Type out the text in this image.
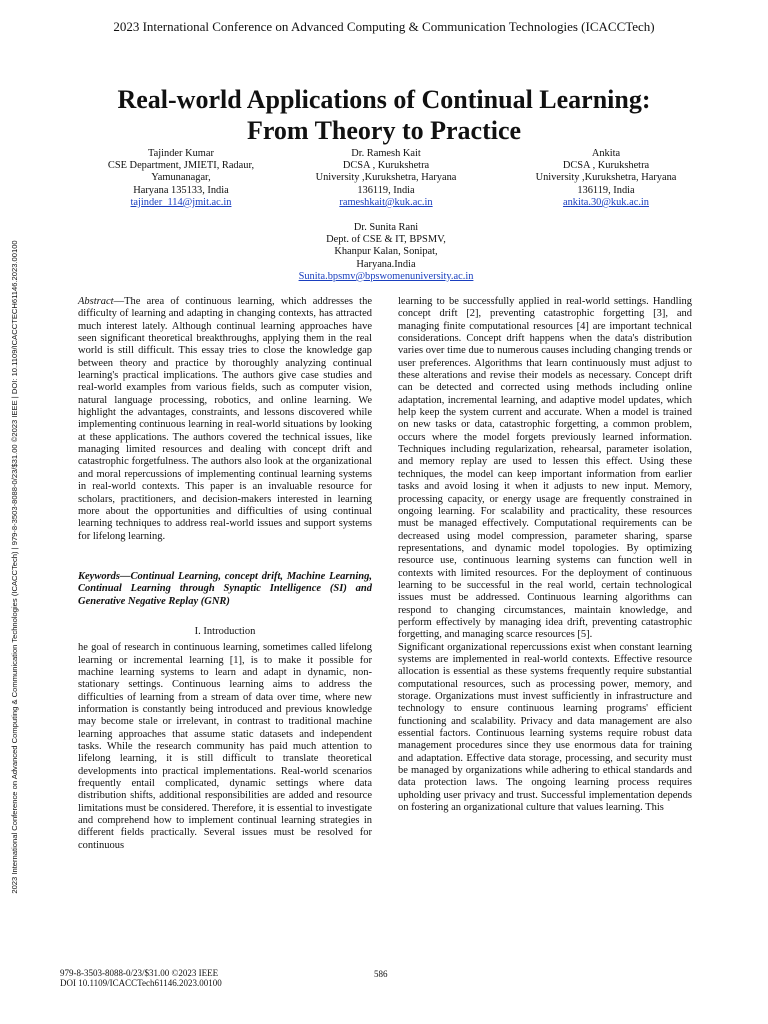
2023 International Conference on Advanced Computing & Communication Technologies (ICACCTech)
Real-world Applications of Continual Learning:
From Theory to Practice
Tajinder Kumar
CSE Department, JMIETI, Radaur,
Yamunanagar,
Haryana 135133, India
tajinder_114@jmit.ac.in
Dr. Ramesh Kait
DCSA , Kurukshetra
University ,Kurukshetra, Haryana
136119, India
rameshkait@kuk.ac.in
Ankita
DCSA , Kurukshetra
University ,Kurukshetra, Haryana
136119, India
ankita.30@kuk.ac.in
Dr. Sunita Rani
Dept. of CSE & IT, BPSMV,
Khanpur Kalan, Sonipat,
Haryana.India
Sunita.bpsmv@bpswomenuniversity.ac.in
2023 International Conference on Advanced Computing & Communication Technologies (ICACCTech) | 979-8-3503-8088-0/23/$31.00 ©2023 IEEE | DOI: 10.1109/ICACCTECH61146.2023.00100	Abstract—The area of continuous learning, which addresses the difficulty of learning and adapting in changing contexts, has attracted much interest lately. Although continual learning approaches have seen significant theoretical breakthroughs, applying them in the real world is still difficult. This essay tries to close the knowledge gap between theory and practice by thoroughly analyzing continual learning's practical implications. The authors give case studies and real-world examples from various fields, such as computer vision, natural language processing, robotics, and online learning. We highlight the advantages, constraints, and lessons discovered while implementing continuous learning in real-world situations by looking at these applications. The authors covered the technical issues, like managing limited resources and dealing with concept drift and catastrophic forgetfulness. The authors also look at the organizational and moral repercussions of implementing continual learning systems in real-world contexts. This paper is an invaluable resource for scholars, practitioners, and decision-makers interested in learning more about the opportunities and difficulties of using continual learning techniques to address real-world issues and support systems for lifelong learning.

Keywords—Continual Learning, concept drift, Machine Learning, Continual Learning through Synaptic Intelligence (SI) and Generative Negative Replay (GNR)

I. Introduction

he goal of research in continuous learning, sometimes called lifelong learning or incremental learning [1], is to make it possible for machine learning systems to learn and adapt in dynamic, non-stationary settings. Continuous learning aims to address the difficulties of learning from a stream of data over time, where new information is constantly being introduced and previous knowledge may become stale or irrelevant, in contrast to traditional machine learning approaches that assume static datasets and independent tasks. While the research community has paid much attention to lifelong learning, it is still difficult to translate theoretical developments into practical implementations. Real-world scenarios frequently entail complicated, dynamic settings where data distribution shifts, additional responsibilities are added and resource limitations must be considered. Therefore, it is essential to investigate and comprehend how to implement continual learning strategies in different fields practically. Several issues must be resolved for continuous

learning to be successfully applied in real-world settings. Handling concept drift [2], preventing catastrophic forgetting [3], and managing finite computational resources [4] are important technical considerations. Concept drift happens when the data's distribution varies over time due to numerous causes including changing trends or user preferences. Algorithms that learn continuously must adjust to these alterations and revise their models as necessary. Concept drift can be detected and corrected using methods including online adaptation, incremental learning, and adaptive model updates, which help keep the system current and accurate. When a model is trained on new tasks or data, catastrophic forgetting, a common problem, occurs where the model forgets previously learned information. Techniques including regularization, rehearsal, parameter isolation, and memory replay are used to lessen this effect. Using these techniques, the model can keep important information from earlier tasks and avoid losing it when it adjusts to new input. Memory, processing capacity, or energy usage are frequently constrained in ongoing learning. For scalability and practicality, these resources must be managed effectively. Computational requirements can be decreased using model compression, parameter sharing, sparse representations, and dynamic model topologies. By optimizing resource use, continuous learning systems can function well in contexts with limited resources. For the deployment of continuous learning to be successful in the real world, certain technological issues must be addressed. Continuous learning algorithms can respond to changing circumstances, maintain knowledge, and perform effectively by managing idea drift, preventing catastrophic forgetting, and managing scarce resources [5].

Significant organizational repercussions exist when constant learning systems are implemented in real-world contexts. Effective resource allocation is essential as these systems frequently require substantial computational resources, such as processing power, memory, and storage. Organizations must invest sufficiently in infrastructure and technology to ensure continuous learning programs' efficient functioning and scalability. Privacy and data management are also essential factors. Continuous learning systems require robust data management procedures since they use enormous data for training and adaptation. Effective data storage, processing, and security must be managed by organizations while adhering to ethical standards and data protection laws. The ongoing learning process requires upholding user privacy and trust. Successful implementation depends on fostering an organizational culture that values learning. This

979-8-3503-8088-0/23/$31.00 ©2023 IEEE
DOI 10.1109/ICACCTech61146.2023.00100
586
